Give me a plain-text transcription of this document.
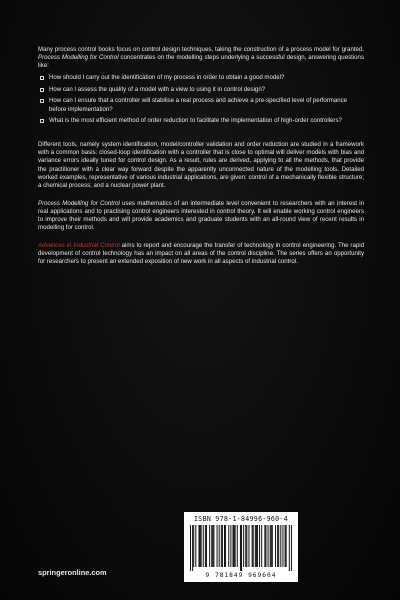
Many process control books focus on control design techniques, taking the construction of a process model for granted. Process Modelling for Control concentrates on the modelling steps underlying a successful design, answering questions like:

How should I carry out the identification of my process in order to obtain a good model?
How can I assess the quality of a model with a view to using it in control design?
How can I ensure that a controller will stabilise a real process and achieve a pre-specified level of performance before implementation?
What is the most efficient method of order reduction to facilitate the implementation of high-order controllers?

Different tools, namely system identification, model/controller validation and order reduction are studied in a framework with a common basis: closed-loop identification with a controller that is close to optimal will deliver models with bias and variance errors ideally tuned for control design. As a result, rules are derived, applying to all the methods, that provide the practitioner with a clear way forward despite the apparently unconnected nature of the modelling tools. Detailed worked examples, representative of various industrial applications, are given: control of a mechanically flexible structure; a chemical process; and a nuclear power plant.

Process Modelling for Control uses mathematics of an intermediate level convenient to researchers with an interest in real applications and to practising control engineers interested in control theory. It will enable working control engineers to improve their methods and will provide academics and graduate students with an all-round view of recent results in modelling for control.

Advances in Industrial Control aims to report and encourage the transfer of technology in control engineering. The rapid development of control technology has an impact on all areas of the control discipline. The series offers an opportunity for researchers to present an extended exposition of new work in all aspects of industrial control.

springeronline.com
ISBN 978-1-84996-960-4
9 781849 969604
